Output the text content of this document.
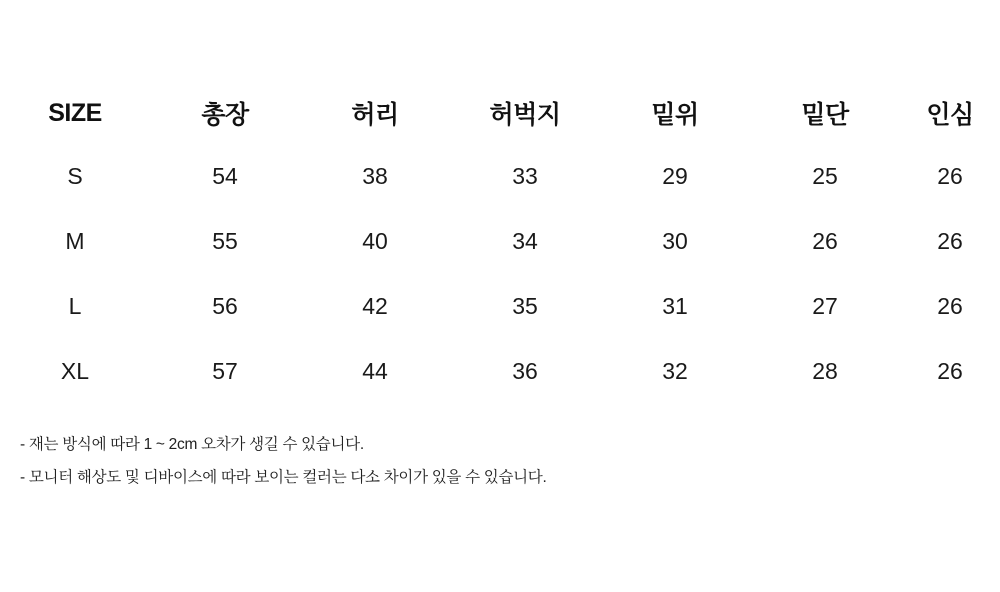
SIZE	총장	허리	허벅지	밑위	밑단	인심
S	54	38	33	29	25	26
M	55	40	34	30	26	26
L	56	42	35	31	27	26
XL	57	44	36	32	28	26
- 재는 방식에 따라 1 ~ 2cm 오차가 생길 수 있습니다.
- 모니터 해상도 및 디바이스에 따라 보이는 컬러는 다소 차이가 있을 수 있습니다.
